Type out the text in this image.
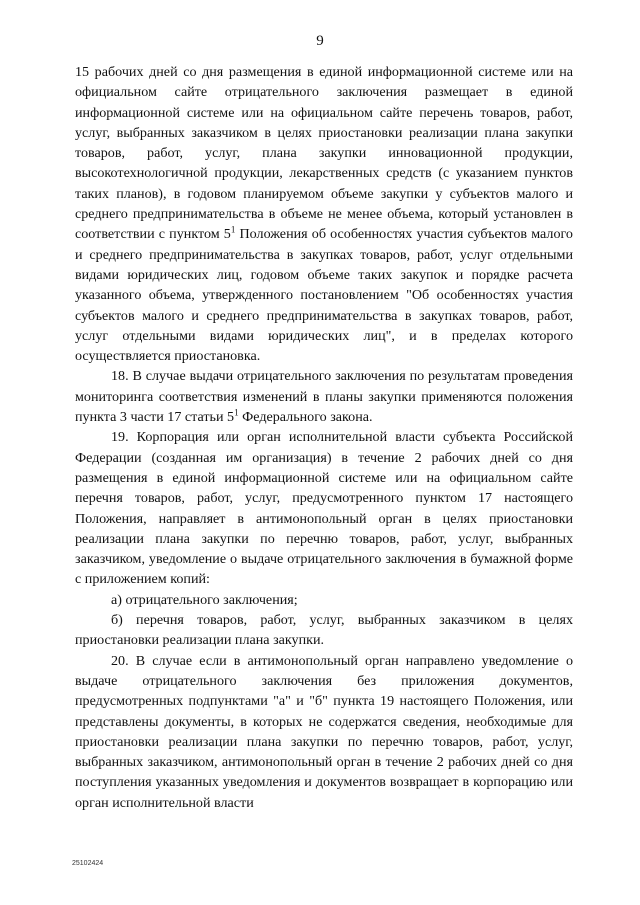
9

15 рабочих дней со дня размещения в единой информационной системе или на официальном сайте отрицательного заключения размещает в единой информационной системе или на официальном сайте перечень товаров, работ, услуг, выбранных заказчиком в целях приостановки реализации плана закупки товаров, работ, услуг, плана закупки инновационной продукции, высокотехнологичной продукции, лекарственных средств (с указанием пунктов таких планов), в годовом планируемом объеме закупки у субъектов малого и среднего предпринимательства в объеме не менее объема, который установлен в соответствии с пунктом $5^1$ Положения об особенностях участия субъектов малого и среднего предпринимательства в закупках товаров, работ, услуг отдельными видами юридических лиц, годовом объеме таких закупок и порядке расчета указанного объема, утвержденного постановлением "Об особенностях участия субъектов малого и среднего предпринимательства в закупках товаров, работ, услуг отдельными видами юридических лиц", и в пределах которого осуществляется приостановка.

18. В случае выдачи отрицательного заключения по результатам проведения мониторинга соответствия изменений в планы закупки применяются положения пункта 3 части 17 статьи $5^1$ Федерального закона.

19. Корпорация или орган исполнительной власти субъекта Российской Федерации (созданная им организация) в течение 2 рабочих дней со дня размещения в единой информационной системе или на официальном сайте перечня товаров, работ, услуг, предусмотренного пунктом 17 настоящего Положения, направляет в антимонопольный орган в целях приостановки реализации плана закупки по перечню товаров, работ, услуг, выбранных заказчиком, уведомление о выдаче отрицательного заключения в бумажной форме с приложением копий:

а) отрицательного заключения;

б) перечня товаров, работ, услуг, выбранных заказчиком в целях приостановки реализации плана закупки.

20. В случае если в антимонопольный орган направлено уведомление о выдаче отрицательного заключения без приложения документов, предусмотренных подпунктами "а" и "б" пункта 19 настоящего Положения, или представлены документы, в которых не содержатся сведения, необходимые для приостановки реализации плана закупки по перечню товаров, работ, услуг, выбранных заказчиком, антимонопольный орган в течение 2 рабочих дней со дня поступления указанных уведомления и документов возвращает в корпорацию или орган исполнительной власти

25102424
